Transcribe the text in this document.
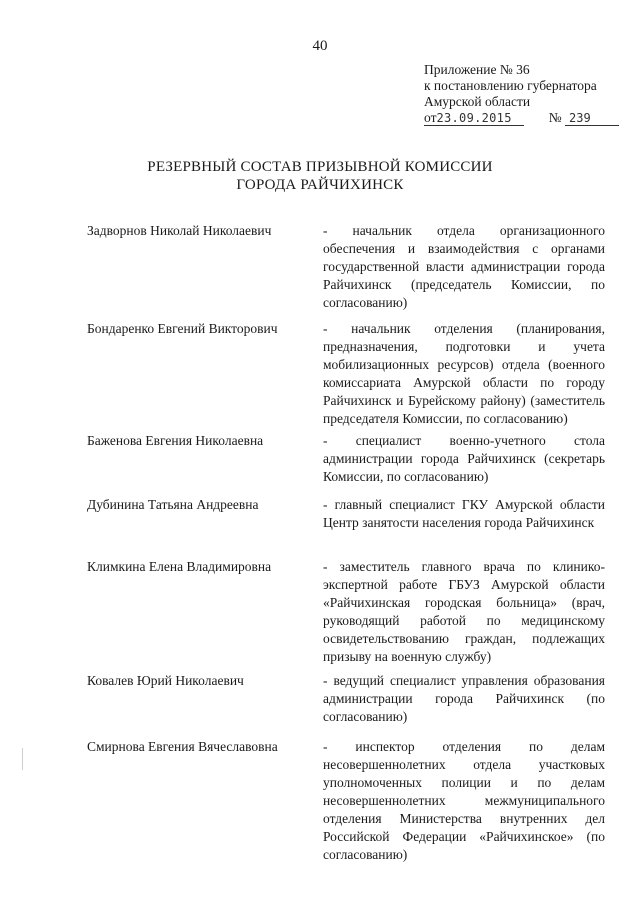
40
Приложение № 36
к постановлению губернатора
Амурской области
от23.09.2015	№ 239
РЕЗЕРВНЫЙ СОСТАВ ПРИЗЫВНОЙ КОМИССИИ
ГОРОДА РАЙЧИХИНСК
Задворнов Николай Николаевич	- начальник отдела организационного обеспечения и взаимодействия с органами государственной власти администрации города Райчихинск (председатель Комиссии, по согласованию)
Бондаренко Евгений Викторович	- начальник отделения (планирования, предназначения, подготовки и учета мобилизационных ресурсов) отдела (военного комиссариата Амурской области по городу Райчихинск и Бурейскому району) (заместитель председателя Комиссии, по согласованию)
Баженова Евгения Николаевна	- специалист военно-учетного стола администрации города Райчихинск (секретарь Комиссии, по согласованию)
Дубинина Татьяна Андреевна	- главный специалист ГКУ Амурской области Центр занятости населения города Райчихинск
Климкина Елена Владимировна	- заместитель главного врача по клинико-экспертной работе ГБУЗ Амурской области «Райчихинская городская больница» (врач, руководящий работой по медицинскому освидетельствованию граждан, подлежащих призыву на военную службу)
Ковалев Юрий Николаевич	- ведущий специалист управления образования администрации города Райчихинск (по согласованию)
Смирнова Евгения Вячеславовна	- инспектор отделения по делам несовершеннолетних отдела участковых уполномоченных полиции и по делам несовершеннолетних межмуниципального отделения Министерства внутренних дел Российской Федерации «Райчихинское» (по согласованию)
